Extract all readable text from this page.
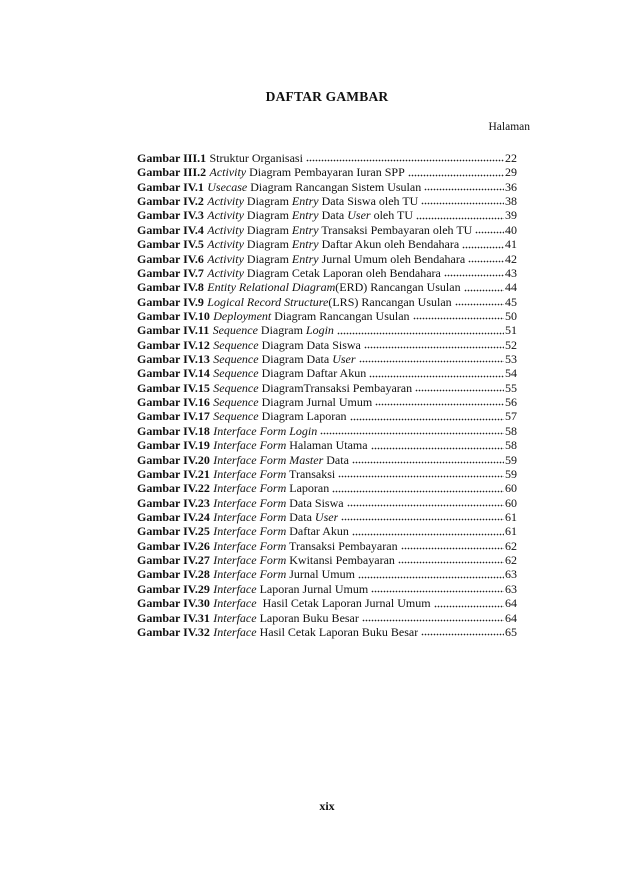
DAFTAR GAMBAR
Halaman
Gambar III.1 Struktur Organisasi	22
Gambar III.2 Activity Diagram Pembayaran Iuran SPP	29
Gambar IV.1 Usecase Diagram Rancangan Sistem Usulan	36
Gambar IV.2 Activity Diagram Entry Data Siswa oleh TU	38
Gambar IV.3 Activity Diagram Entry Data User oleh TU	39
Gambar IV.4 Activity Diagram Entry Transaksi Pembayaran oleh TU	40
Gambar IV.5 Activity Diagram Entry Daftar Akun oleh Bendahara	41
Gambar IV.6 Activity Diagram Entry Jurnal Umum oleh Bendahara	42
Gambar IV.7 Activity Diagram Cetak Laporan oleh Bendahara	43
Gambar IV.8 Entity Relational Diagram(ERD) Rancangan Usulan	44
Gambar IV.9 Logical Record Structure(LRS) Rancangan Usulan	45
Gambar IV.10 Deployment Diagram Rancangan Usulan	50
Gambar IV.11 Sequence Diagram Login	51
Gambar IV.12 Sequence Diagram Data Siswa	52
Gambar IV.13 Sequence Diagram Data User	53
Gambar IV.14 Sequence Diagram Daftar Akun	54
Gambar IV.15 Sequence DiagramTransaksi Pembayaran	55
Gambar IV.16 Sequence Diagram Jurnal Umum	56
Gambar IV.17 Sequence Diagram Laporan	57
Gambar IV.18 Interface Form Login	58
Gambar IV.19 Interface Form Halaman Utama	58
Gambar IV.20 Interface Form Master Data	59
Gambar IV.21 Interface Form Transaksi	59
Gambar IV.22 Interface Form Laporan	60
Gambar IV.23 Interface Form Data Siswa	60
Gambar IV.24 Interface Form Data User	61
Gambar IV.25 Interface Form Daftar Akun	61
Gambar IV.26 Interface Form Transaksi Pembayaran	62
Gambar IV.27 Interface Form Kwitansi Pembayaran	62
Gambar IV.28 Interface Form Jurnal Umum	63
Gambar IV.29 Interface Laporan Jurnal Umum	63
Gambar IV.30 Interface  Hasil Cetak Laporan Jurnal Umum	64
Gambar IV.31 Interface Laporan Buku Besar	64
Gambar IV.32 Interface Hasil Cetak Laporan Buku Besar	65
xix
